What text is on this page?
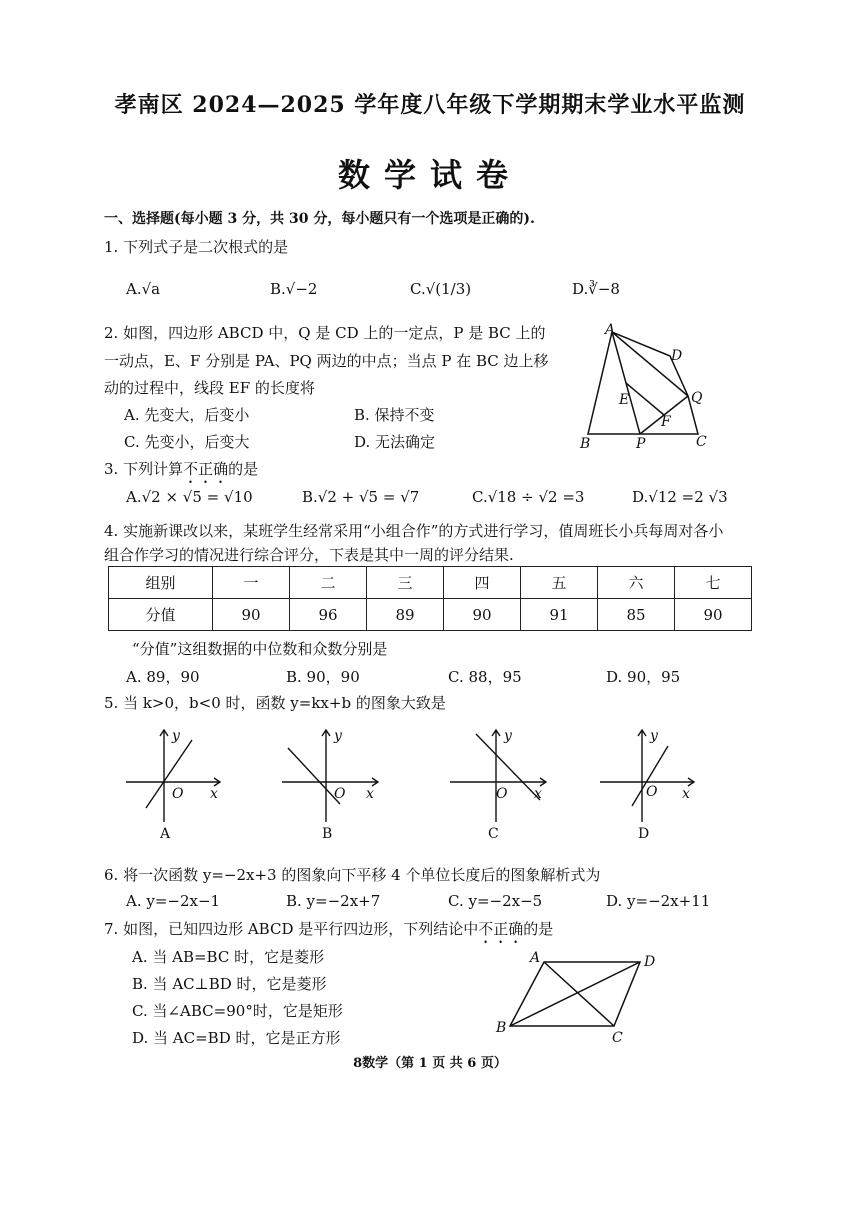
孝南区 2024—2025 学年度八年级下学期期末学业水平监测
数学试卷
一、选择题(每小题 3 分，共 30 分，每小题只有一个选项是正确的).
1. 下列式子是二次根式的是
A.√a	B.√−2	C.√(1/3)	D.∛−8
2. 如图，四边形 ABCD 中，Q 是 CD 上的一定点，P 是 BC 上的
一动点，E、F 分别是 PA、PQ 两边的中点；当点 P 在 BC 边上移
动的过程中，线段 EF 的长度将
A. 先变大，后变小	B. 保持不变
C. 先变小，后变大	D. 无法确定
A
D
Q
E
F
B	P	C
3. 下列计算不正确的是
A.√2 × √5 = √10	B.√2 + √5 = √7	C.√18 ÷ √2 =3	D.√12 =2 √3
4. 实施新课改以来，某班学生经常采用“小组合作”的方式进行学习，值周班长小兵每周对各小
组合作学习的情况进行综合评分，下表是其中一周的评分结果.
组别	一	二	三	四	五	六	七
分值	90	96	89	90	91	85	90
“分值”这组数据的中位数和众数分别是
A. 89，90	B. 90，90	C. 88，95	D. 90，95
5. 当 k>0，b<0 时，函数 y=kx+b 的图象大致是
y
x
O
A
y
x
O
B
y
x
O
C
y
x
O
D
6. 将一次函数 y=−2x+3 的图象向下平移 4 个单位长度后的图象解析式为
A. y=−2x−1	B. y=−2x+7	C. y=−2x−5	D. y=−2x+11
7. 如图，已知四边形 ABCD 是平行四边形，下列结论中不正确的是
A. 当 AB=BC 时，它是菱形
B. 当 AC⊥BD 时，它是菱形
C. 当∠ABC=90°时，它是矩形
D. 当 AC=BD 时，它是正方形
A	D
B
C
8数学（第 1 页 共 6 页）
